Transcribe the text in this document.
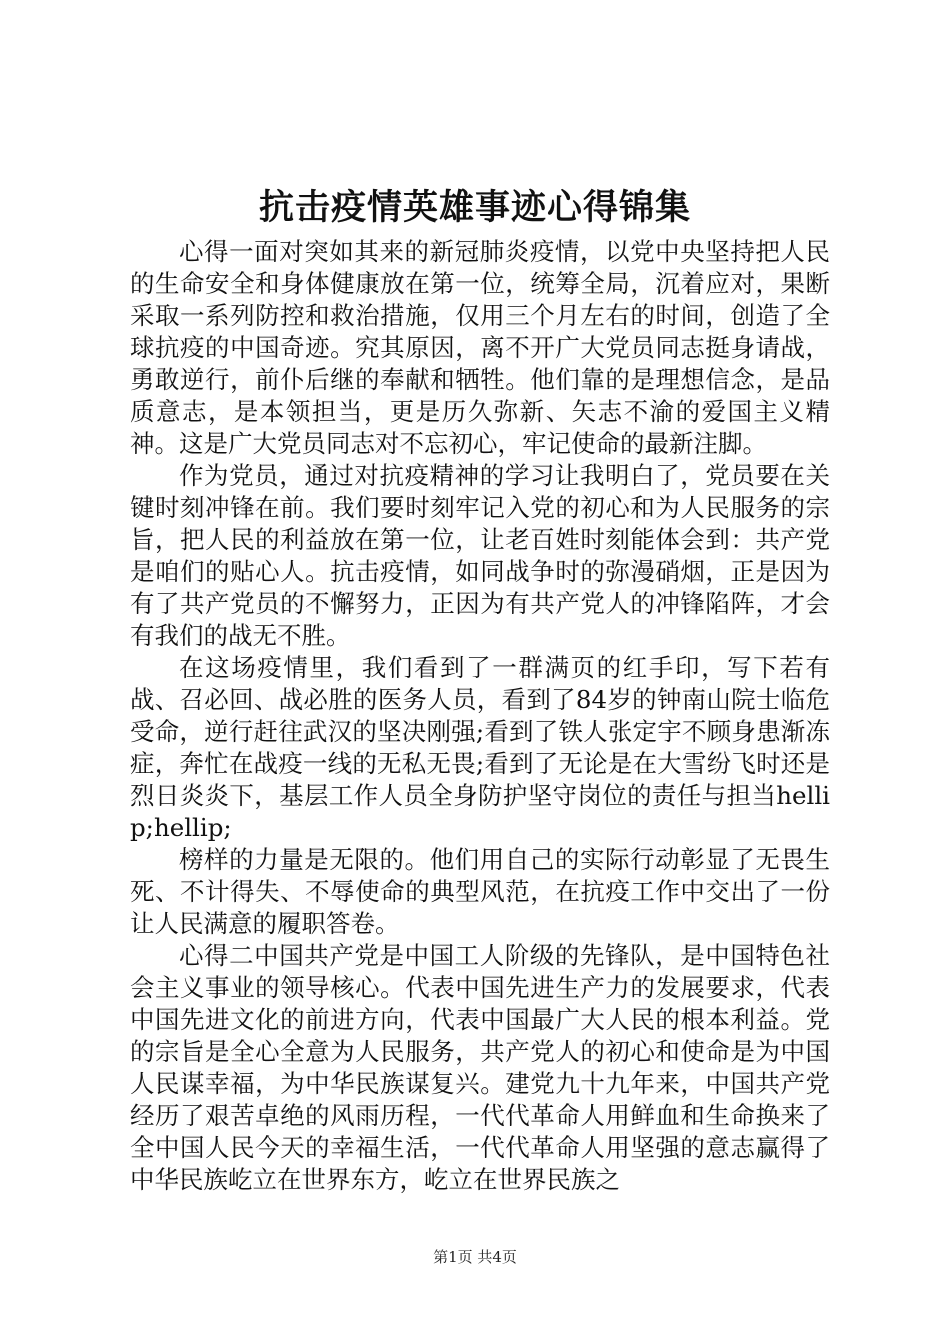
抗击疫情英雄事迹心得锦集

心得一面对突如其来的新冠肺炎疫情，以党中央坚持把人民的生命安全和身体健康放在第一位，统筹全局，沉着应对，果断采取一系列防控和救治措施，仅用三个月左右的时间，创造了全球抗疫的中国奇迹。究其原因，离不开广大党员同志挺身请战，勇敢逆行，前仆后继的奉献和牺牲。他们靠的是理想信念，是品质意志，是本领担当，更是历久弥新、矢志不渝的爱国主义精神。这是广大党员同志对不忘初心，牢记使命的最新注脚。

作为党员，通过对抗疫精神的学习让我明白了，党员要在关键时刻冲锋在前。我们要时刻牢记入党的初心和为人民服务的宗旨，把人民的利益放在第一位，让老百姓时刻能体会到：共产党是咱们的贴心人。抗击疫情，如同战争时的弥漫硝烟，正是因为有了共产党员的不懈努力，正因为有共产党人的冲锋陷阵，才会有我们的战无不胜。

在这场疫情里，我们看到了一群满页的红手印，写下若有战、召必回、战必胜的医务人员，看到了84岁的钟南山院士临危受命，逆行赶往武汉的坚决刚强;看到了铁人张定宇不顾身患渐冻症，奔忙在战疫一线的无私无畏;看到了无论是在大雪纷飞时还是烈日炎炎下，基层工作人员全身防护坚守岗位的责任与担当hellip;hellip;

榜样的力量是无限的。他们用自己的实际行动彰显了无畏生死、不计得失、不辱使命的典型风范，在抗疫工作中交出了一份让人民满意的履职答卷。

心得二中国共产党是中国工人阶级的先锋队，是中国特色社会主义事业的领导核心。代表中国先进生产力的发展要求，代表中国先进文化的前进方向，代表中国最广大人民的根本利益。党的宗旨是全心全意为人民服务，共产党人的初心和使命是为中国人民谋幸福，为中华民族谋复兴。建党九十九年来，中国共产党经历了艰苦卓绝的风雨历程，一代代革命人用鲜血和生命换来了全中国人民今天的幸福生活，一代代革命人用坚强的意志赢得了中华民族屹立在世界东方，屹立在世界民族之

第1页 共4页
